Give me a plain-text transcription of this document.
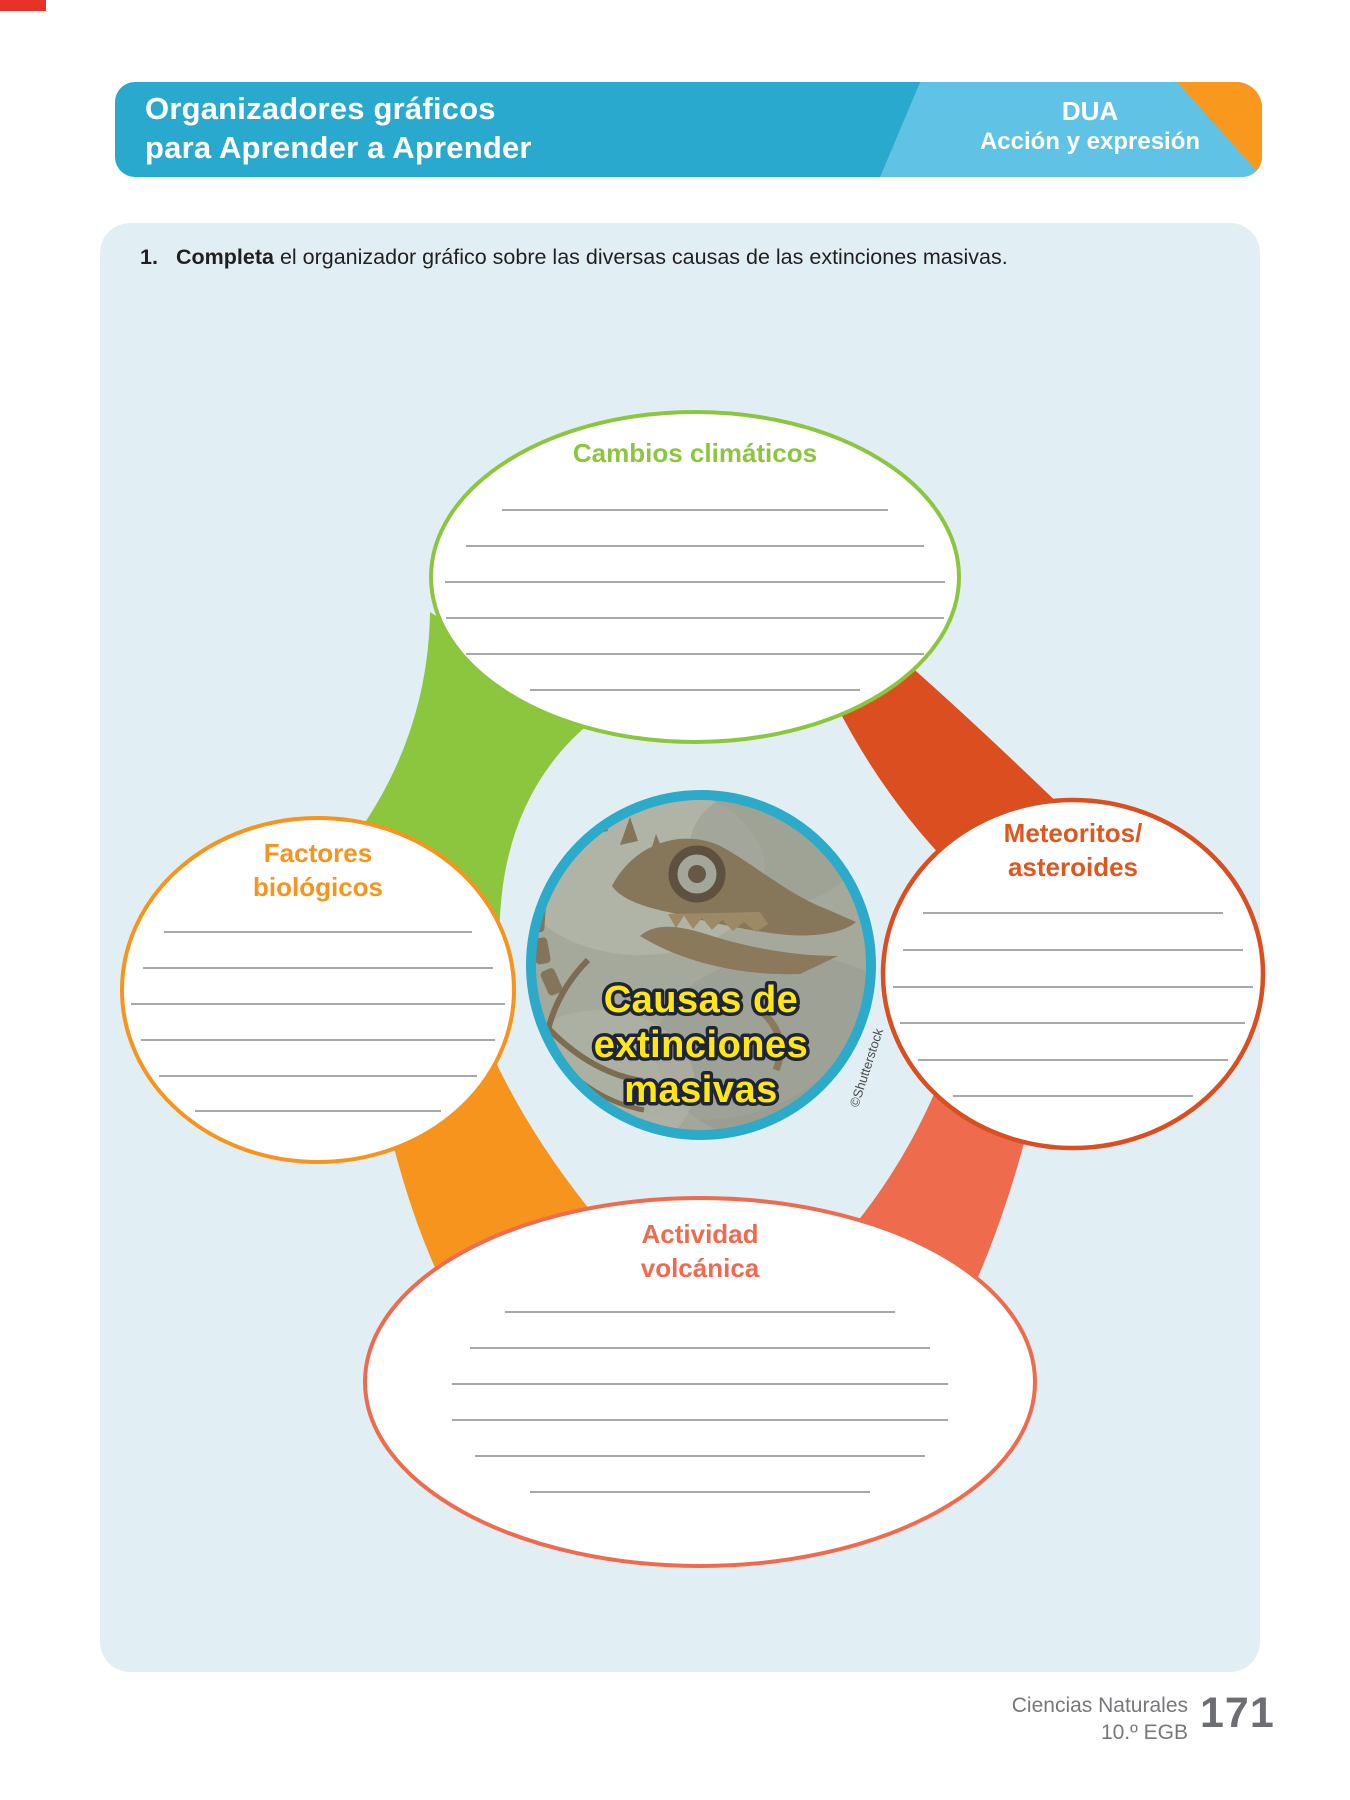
Organizadores gráficos
para Aprender a Aprender
DUA
Acción y expresión
1. Completa el organizador gráfico sobre las diversas causas de las extinciones masivas.
Cambios climáticos
Factores
biológicos
Meteoritos/
asteroides
Actividad
volcánica
Causas de
extinciones
masivas	©Shutterstock
Ciencias Naturales
10.º EGB 171
